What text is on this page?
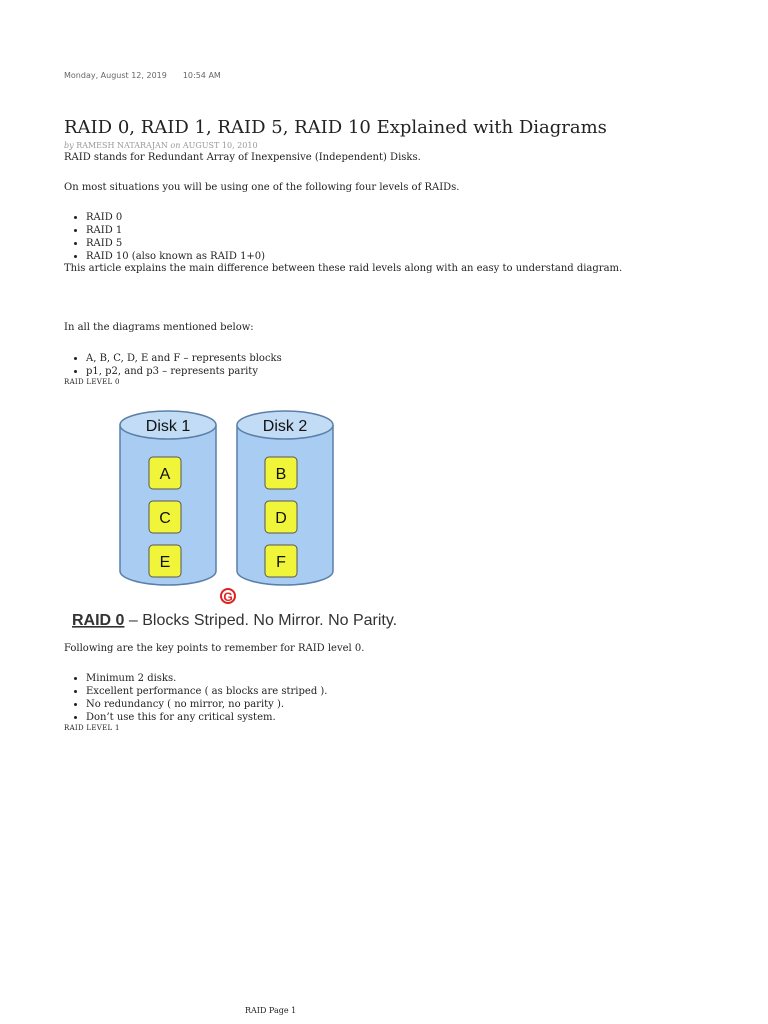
Monday, August 12, 2019 10:54 AM
RAID 0, RAID 1, RAID 5, RAID 10 Explained with Diagrams
by RAMESH NATARAJAN on AUGUST 10, 2010
RAID stands for Redundant Array of Inexpensive (Independent) Disks.
On most situations you will be using one of the following four levels of RAIDs.
• RAID 0
• RAID 1
• RAID 5
• RAID 10 (also known as RAID 1+0)
This article explains the main difference between these raid levels along with an easy to understand diagram.
In all the diagrams mentioned below:
• A, B, C, D, E and F – represents blocks
• p1, p2, and p3 – represents parity
RAID LEVEL 0
Disk 1
A
C
E
Disk 2
B
D
F
G
RAID 0 – Blocks Striped. No Mirror. No Parity.
Following are the key points to remember for RAID level 0.
• Minimum 2 disks.
• Excellent performance ( as blocks are striped ).
• No redundancy ( no mirror, no parity ).
• Don’t use this for any critical system.
RAID LEVEL 1
RAID Page 1
